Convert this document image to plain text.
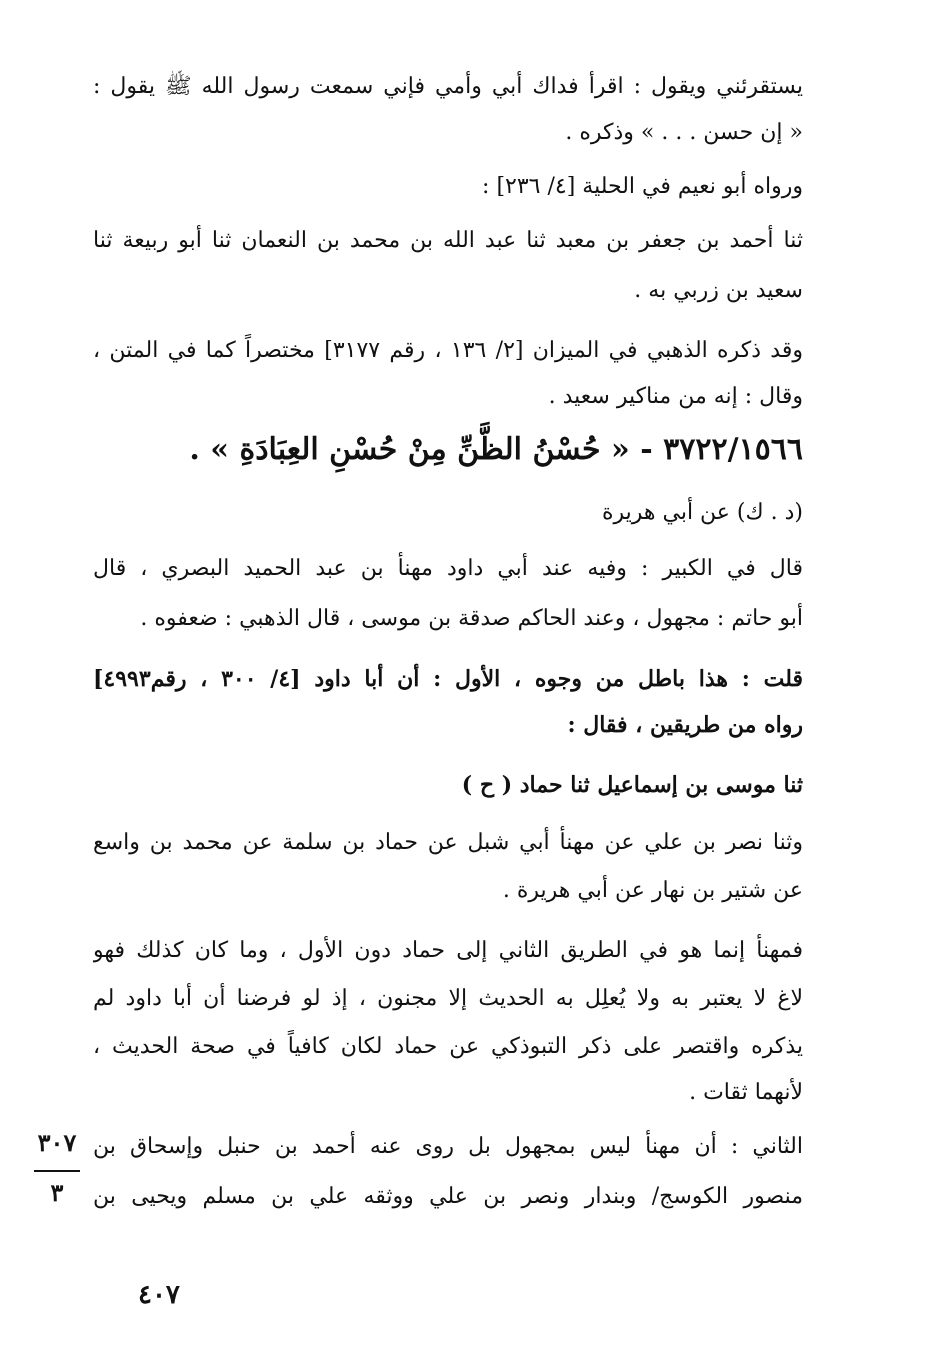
يستقرئني ويقول : اقرأ فداك أبي وأمي فإني سمعت رسول الله ﷺ يقول :
« إن حسن . . . » وذكره .
ورواه أبو نعيم في الحلية [٤/ ٢٣٦] :
ثنا أحمد بن جعفر بن معبد ثنا عبد الله بن محمد بن النعمان ثنا أبو ربيعة ثنا
سعيد بن زربي به .
وقد ذكره الذهبي في الميزان [٢/ ١٣٦ ، رقم ٣١٧٧] مختصراً كما في المتن ،
وقال : إنه من مناكير سعيد .
٣٧٢٢/١٥٦٦ - « حُسْنُ الظَّنِّ مِنْ حُسْنِ العِبَادَةِ » .
(د . ك) عن أبي هريرة
قال في الكبير : وفيه عند أبي داود مهنأ بن عبد الحميد البصري ، قال
أبو حاتم : مجهول ، وعند الحاكم صدقة بن موسى ، قال الذهبي : ضعفوه .
قلت : هذا باطل من وجوه ، الأول : أن أبا داود [٤/ ٣٠٠ ، رقم٤٩٩٣]
رواه من طريقين ، فقال :
ثنا موسى بن إسماعيل ثنا حماد ( ح )
وثنا نصر بن علي عن مهنأ أبي شبل عن حماد بن سلمة عن محمد بن واسع
عن شتير بن نهار عن أبي هريرة .
فمهنأ إنما هو في الطريق الثاني إلى حماد دون الأول ، وما كان كذلك فهو
لاغ لا يعتبر به ولا يُعلِل به الحديث إلا مجنون ، إذ لو فرضنا أن أبا داود لم
يذكره واقتصر على ذكر التبوذكي عن حماد لكان كافياً في صحة الحديث ،
لأنهما ثقات .
الثاني : أن مهنأ ليس بمجهول بل روى عنه أحمد بن حنبل وإسحاق بن
منصور الكوسج/ وبندار ونصر بن علي ووثقه علي بن مسلم ويحيى بن
٣٠٧
٣
٤٠٧
